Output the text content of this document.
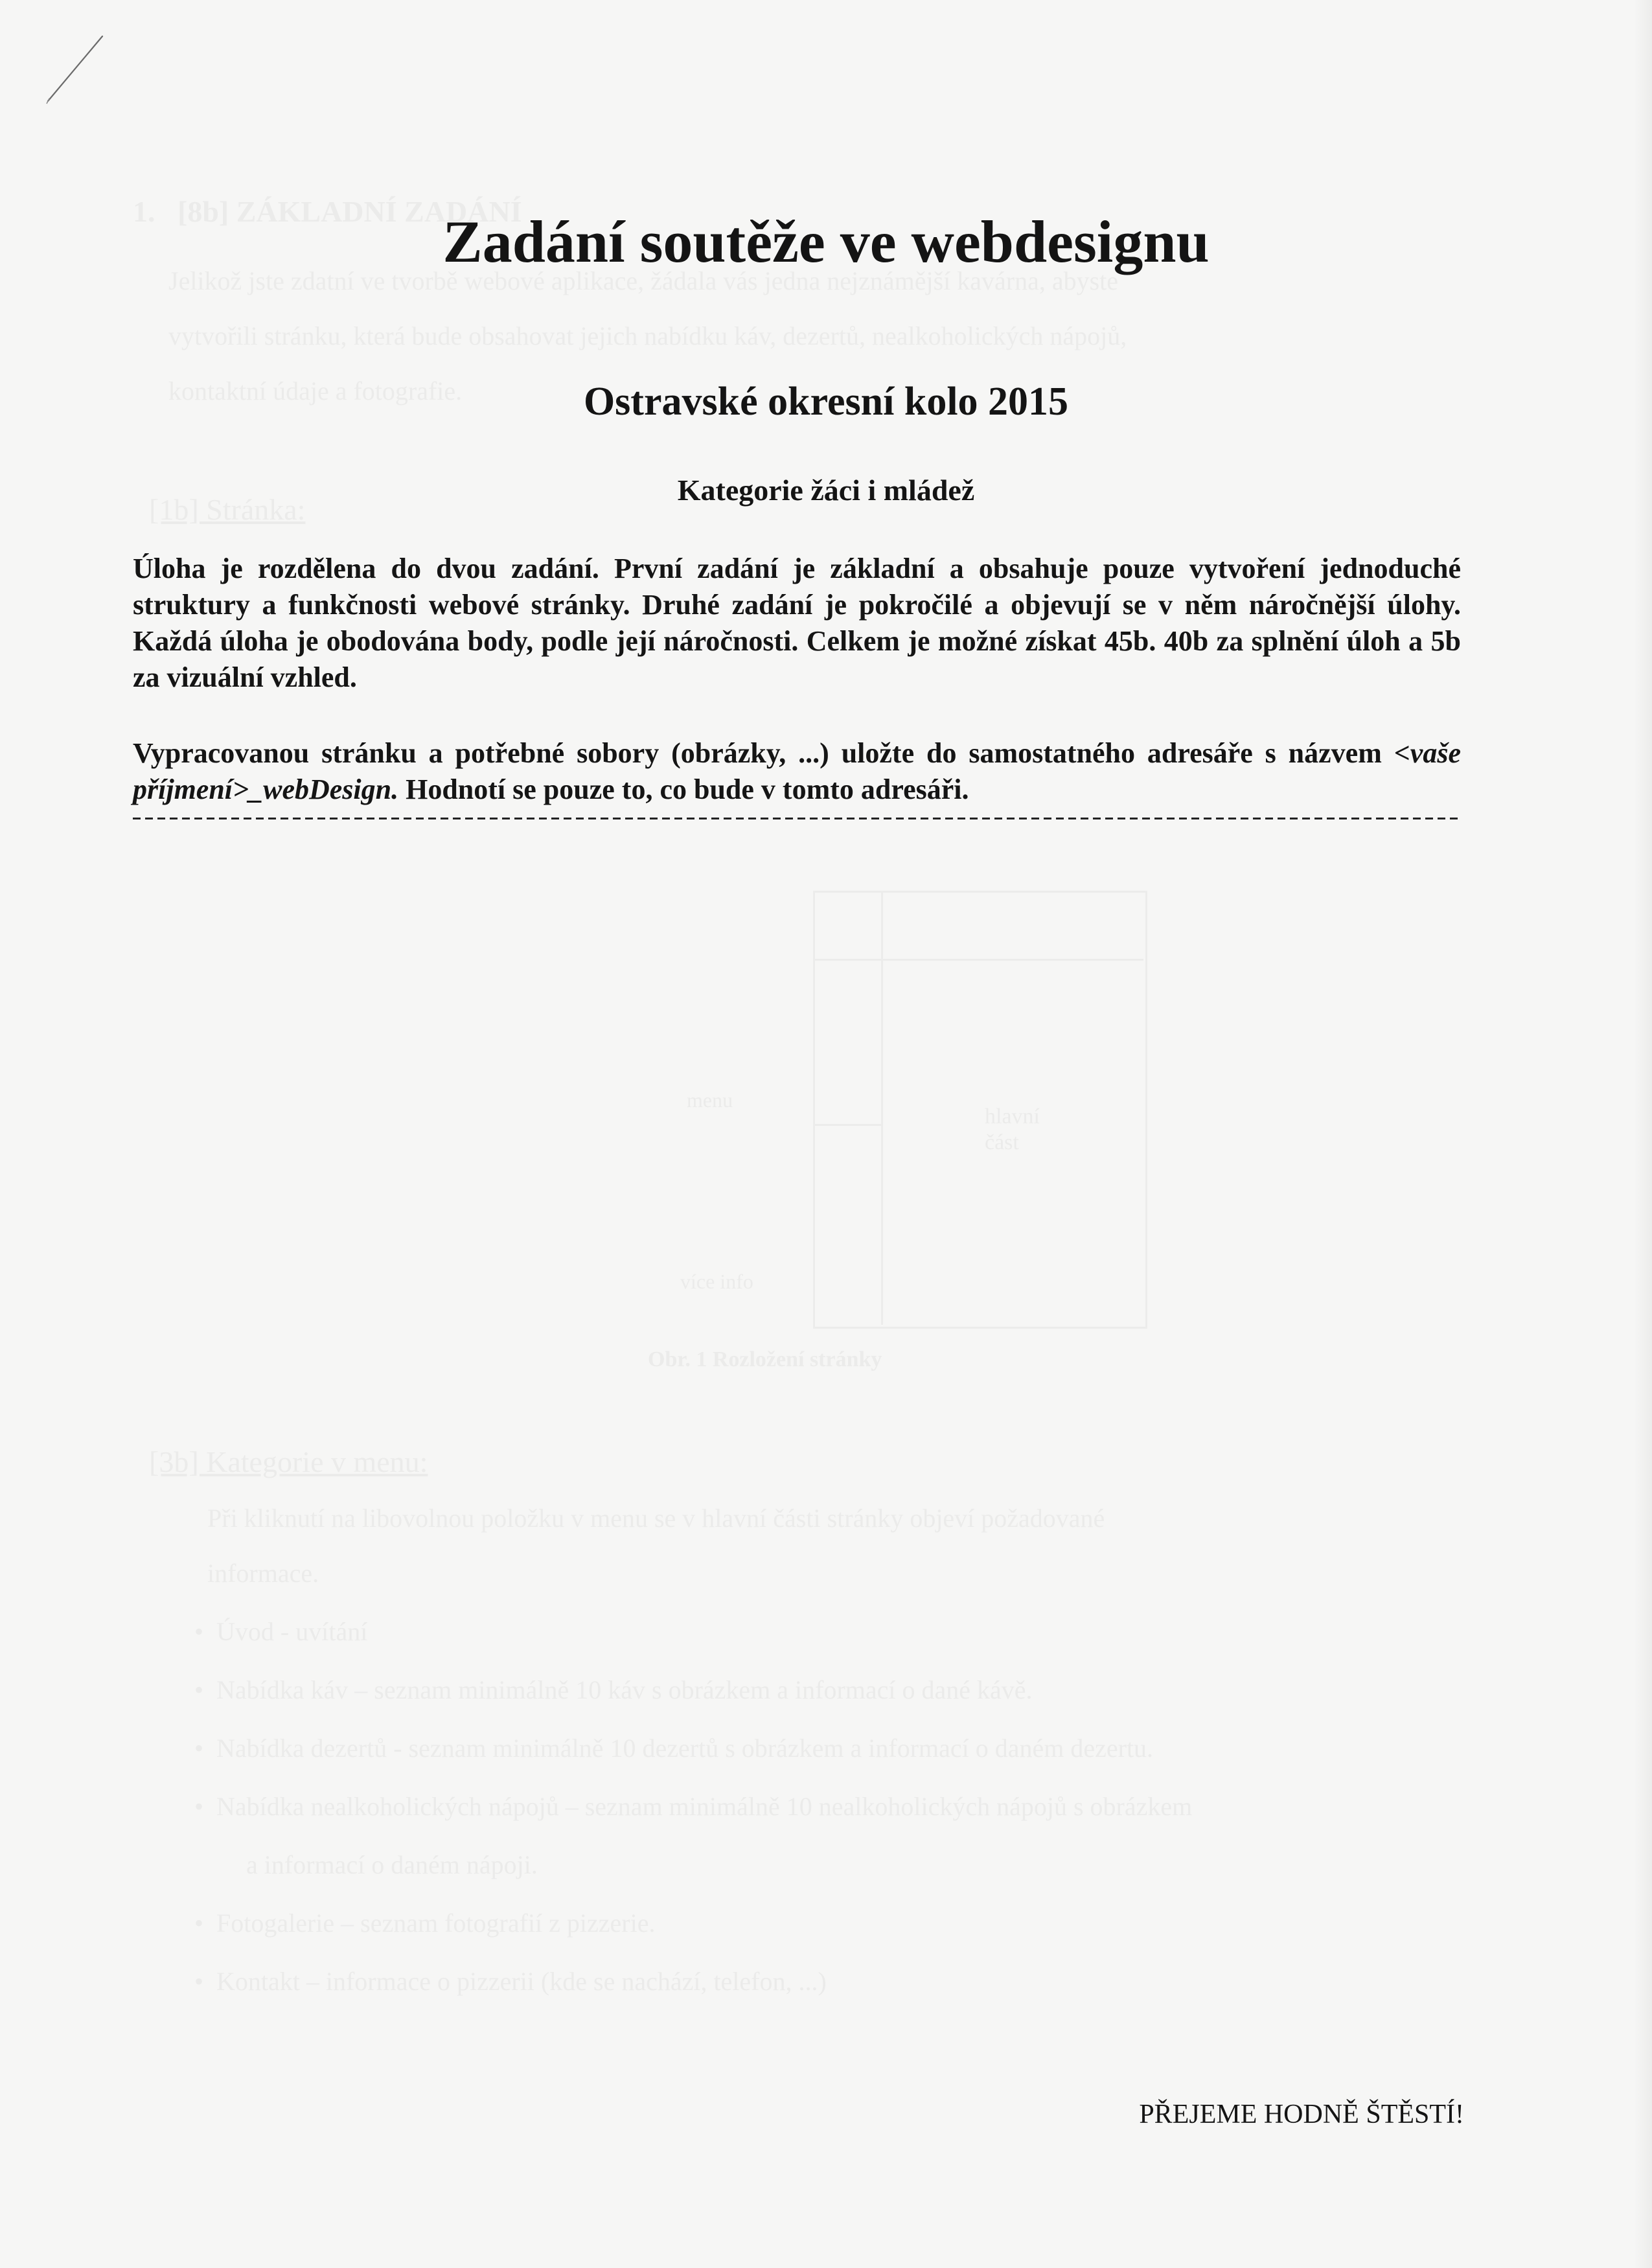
1.   [8b] ZÁKLADNÍ ZADÁNÍ
Jelikož jste zdatní ve tvorbě webové aplikace, žádala vás jedna nejznámější kavárna, abyste
vytvořili stránku, která bude obsahovat jejich nabídku káv, dezertů, nealkoholických nápojů,
kontaktní údaje a fotografie.
[1b] Stránka:
hlavní
část
menu
více info
Obr. 1 Rozložení stránky
[3b] Kategorie v menu:
Při kliknutí na libovolnou položku v menu se v hlavní části stránky objeví požadované
informace.
•  Úvod - uvítání
•  Nabídka káv – seznam minimálně 10 káv s obrázkem a informací o dané kávě.
•  Nabídka dezertů - seznam minimálně 10 dezertů s obrázkem a informací o daném dezertu.
•  Nabídka nealkoholických nápojů – seznam minimálně 10 nealkoholických nápojů s obrázkem
a informací o daném nápoji.
•  Fotogalerie – seznam fotografií z pizzerie.
•  Kontakt – informace o pizzerii (kde se nachází, telefon, ...)
Zadání soutěže ve webdesignu
Ostravské okresní kolo 2015
Kategorie žáci i mládež
Úloha je rozdělena do dvou zadání. První zadání je základní a obsahuje pouze vytvoření jednoduché struktury a funkčnosti webové stránky. Druhé zadání je pokročilé a objevují se v něm náročnější úlohy. Každá úloha je obodována body, podle její náročnosti. Celkem je možné získat 45b. 40b za splnění úloh a 5b za vizuální vzhled.
Vypracovanou stránku a potřebné sobory (obrázky, ...) uložte do samostatného adresáře s názvem <vaše příjmení>_webDesign. Hodnotí se pouze to, co bude v tomto adresáři.
PŘEJEME HODNĚ ŠTĚSTÍ!
